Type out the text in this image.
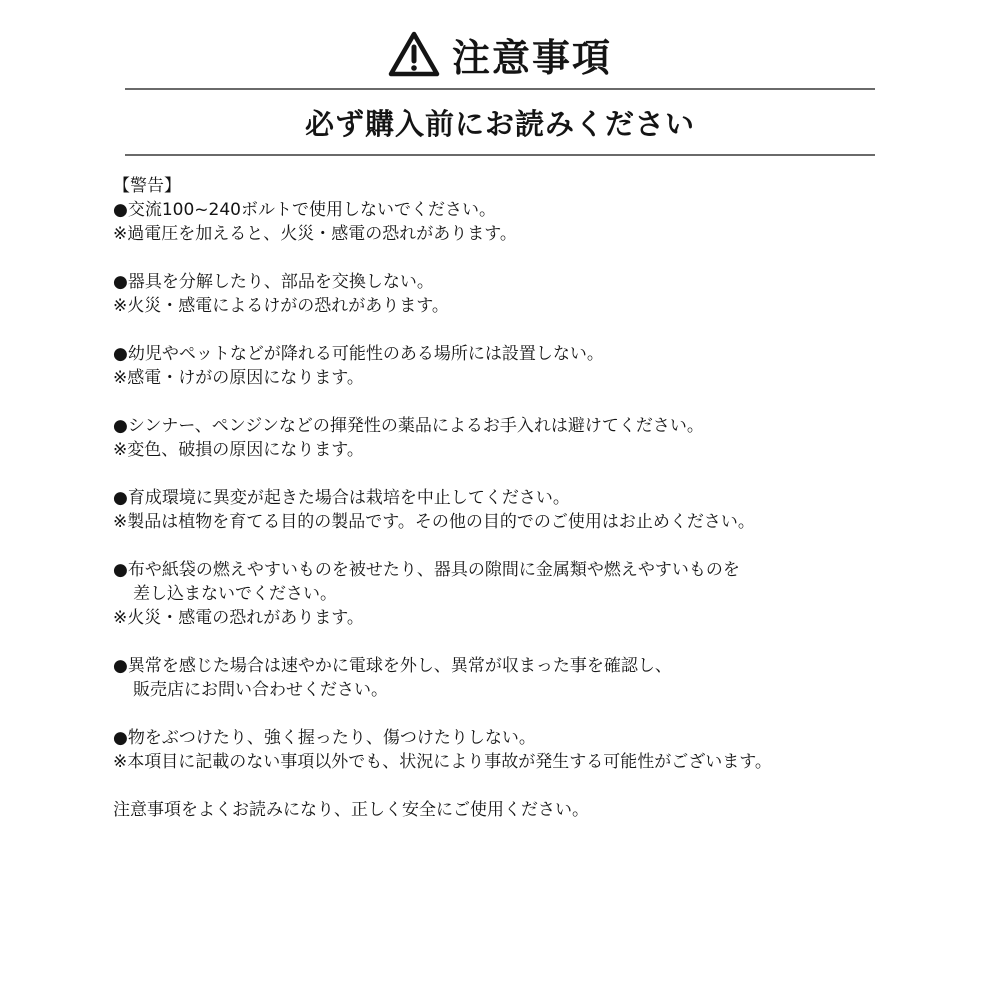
注意事項
必ず購入前にお読みください
【警告】
●交流100~240ボルトで使用しないでください。
※過電圧を加えると、火災・感電の恐れがあります。
●器具を分解したり、部品を交換しない。
※火災・感電によるけがの恐れがあります。
●幼児やペットなどが降れる可能性のある場所には設置しない。
※感電・けがの原因になります。
●シンナー、ペンジンなどの揮発性の薬品によるお手入れは避けてください。
※変色、破損の原因になります。
●育成環境に異変が起きた場合は栽培を中止してください。
※製品は植物を育てる目的の製品です。その他の目的でのご使用はお止めください。
●布や紙袋の燃えやすいものを被せたり、器具の隙間に金属類や燃えやすいものを
差し込まないでください。
※火災・感電の恐れがあります。
●異常を感じた場合は速やかに電球を外し、異常が収まった事を確認し、
販売店にお問い合わせください。
●物をぶつけたり、強く握ったり、傷つけたりしない。
※本項目に記載のない事項以外でも、状況により事故が発生する可能性がございます。
注意事項をよくお読みになり、正しく安全にご使用ください。
